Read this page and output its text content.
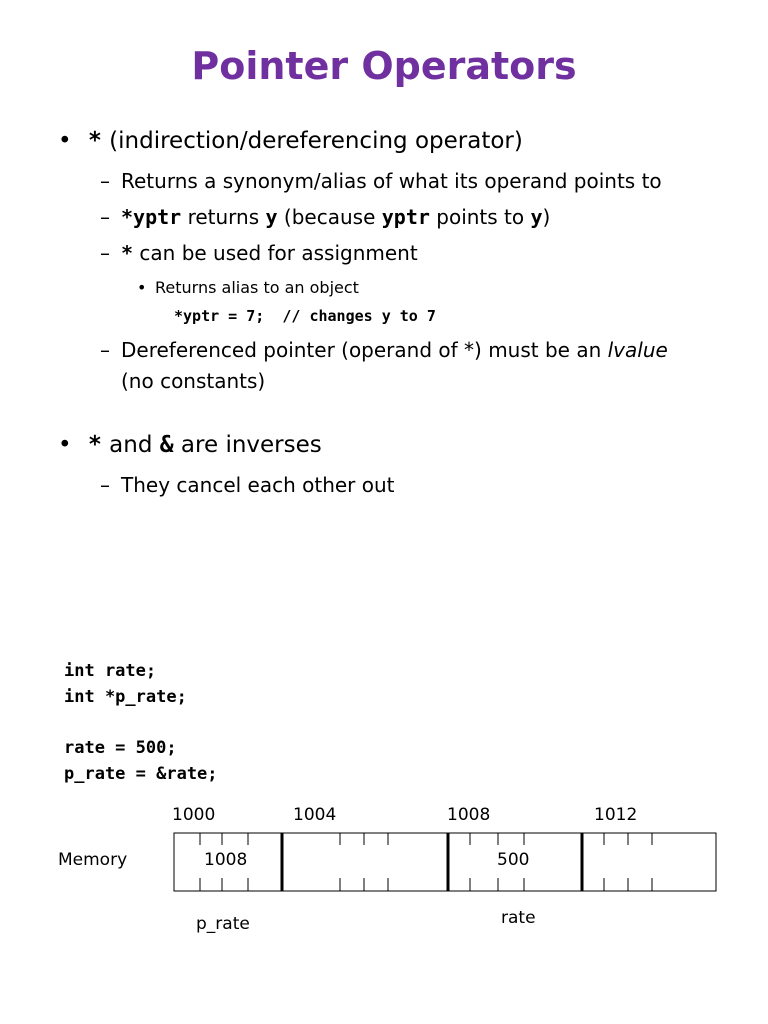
Pointer Operators
• * (indirection/dereferencing operator)
– Returns a synonym/alias of what its operand points to
– *yptr returns y (because yptr points to y)
– * can be used for assignment
• Returns alias to an object
*yptr = 7;  // changes y to 7
– Dereferenced pointer (operand of *) must be an lvalue
(no constants)
• * and & are inverses
– They cancel each other out
int rate;
int *p_rate;
rate = 500;
p_rate = &rate;
1000	1004	1008	1012
Memory	1008	500
p_rate	rate
